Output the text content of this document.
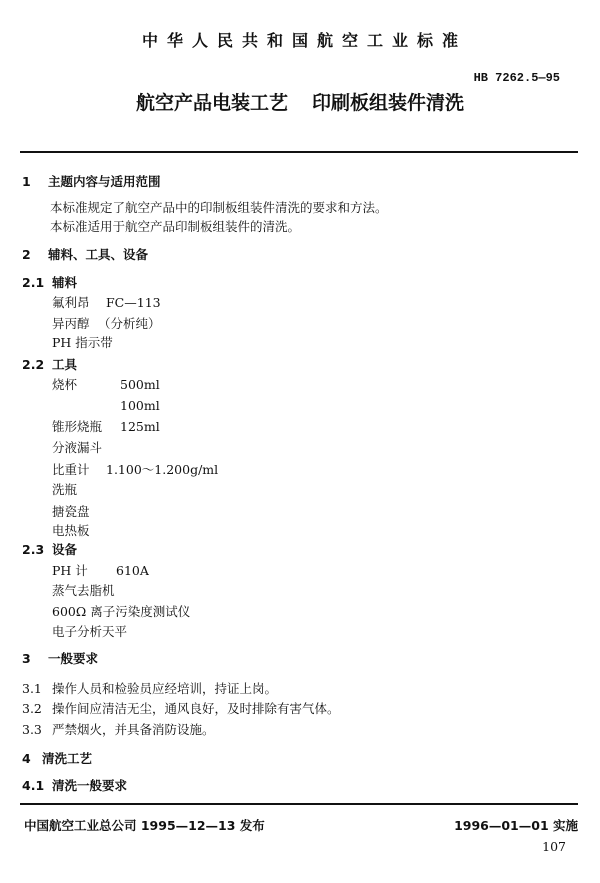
中华人民共和国航空工业标准
HB 7262.5—95
航空产品电装工艺 印刷板组装件清洗
1 主题内容与适用范围
本标准规定了航空产品中的印制板组装件清洗的要求和方法。
本标准适用于航空产品印制板组装件的清洗。
2 辅料、工具、设备
2.1 辅料
氟利昂 FC—113
异丙醇 （分析纯）
PH 指示带
2.2 工具
烧杯	500ml
100ml
锥形烧瓶 125ml
分液漏斗
比重计 1.100～1.200g/ml
洗瓶
搪瓷盘
电热板
2.3 设备
PH 计 610A
蒸气去脂机
600Ω 离子污染度测试仪
电子分析天平
3 一般要求
3.1 操作人员和检验员应经培训，持证上岗。
3.2 操作间应清洁无尘，通风良好，及时排除有害气体。
3.3 严禁烟火，并具备消防设施。
4 清洗工艺
4.1 清洗一般要求
中国航空工业总公司 1995—12—13 发布	1996—01—01 实施
107
